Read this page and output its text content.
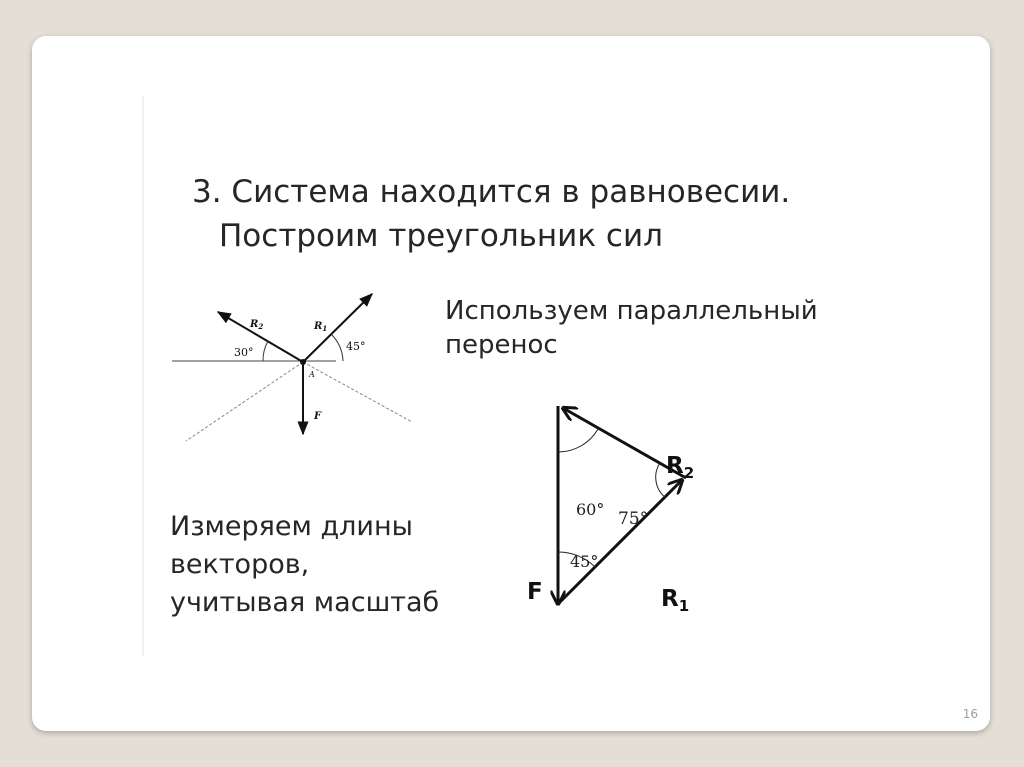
3. Система находится в равновесии.
Построим треугольник сил
$R_2$	$R_1$
30°	45°
A
F

Используем параллельный
перенос

$R_2$
$R_1$
F
60° 75°
45°

Измеряем длины
векторов,
учитывая масштаб

16
